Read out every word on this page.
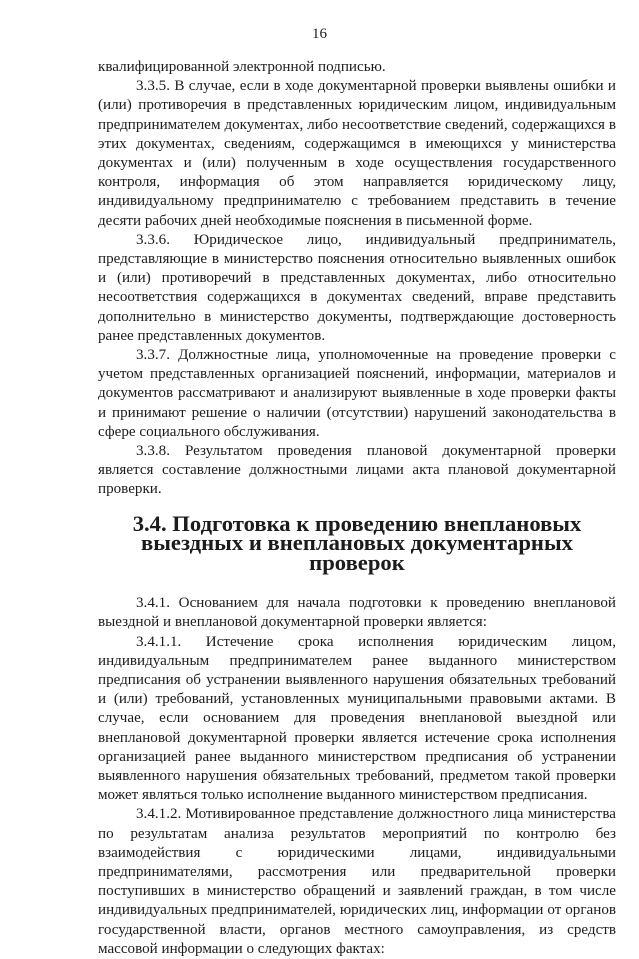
16

квалифицированной электронной подписью.

3.3.5. В случае, если в ходе документарной проверки выявлены ошибки и (или) противоречия в представленных юридическим лицом, индивидуальным предпринимателем документах, либо несоответствие сведений, содержащихся в этих документах, сведениям, содержащимся в имеющихся у министерства документах и (или) полученным в ходе осуществления государственного контроля, информация об этом направляется юридическому лицу, индивидуальному предпринимателю с требованием представить в течение десяти рабочих дней необходимые пояснения в письменной форме.

3.3.6. Юридическое лицо, индивидуальный предприниматель, представляющие в министерство пояснения относительно выявленных ошибок и (или) противоречий в представленных документах, либо относительно несоответствия содержащихся в документах сведений, вправе представить дополнительно в министерство документы, подтверждающие достоверность ранее представленных документов.

3.3.7. Должностные лица, уполномоченные на проведение проверки с учетом представленных организацией пояснений, информации, материалов и документов рассматривают и анализируют выявленные в ходе проверки факты и принимают решение о наличии (отсутствии) нарушений законодательства в сфере социального обслуживания.

3.3.8. Результатом проведения плановой документарной проверки является составление должностными лицами акта плановой документарной проверки.

3.4. Подготовка к проведению внеплановых
выездных и внеплановых документарных проверок

3.4.1. Основанием для начала подготовки к проведению внеплановой выездной и внеплановой документарной проверки является:

3.4.1.1. Истечение срока исполнения юридическим лицом, индивидуальным предпринимателем ранее выданного министерством предписания об устранении выявленного нарушения обязательных требований и (или) требований, установленных муниципальными правовыми актами. В случае, если основанием для проведения внеплановой выездной или внеплановой документарной проверки является истечение срока исполнения организацией ранее выданного министерством предписания об устранении выявленного нарушения обязательных требований, предметом такой проверки может являться только исполнение выданного министерством предписания.

3.4.1.2. Мотивированное представление должностного лица министерства по результатам анализа результатов мероприятий по контролю без взаимодействия с юридическими лицами, индивидуальными предпринимателями, рассмотрения или предварительной проверки поступивших в министерство обращений и заявлений граждан, в том числе индивидуальных предпринимателей, юридических лиц, информации от органов государственной власти, органов местного самоуправления, из средств массовой информации о следующих фактах:
